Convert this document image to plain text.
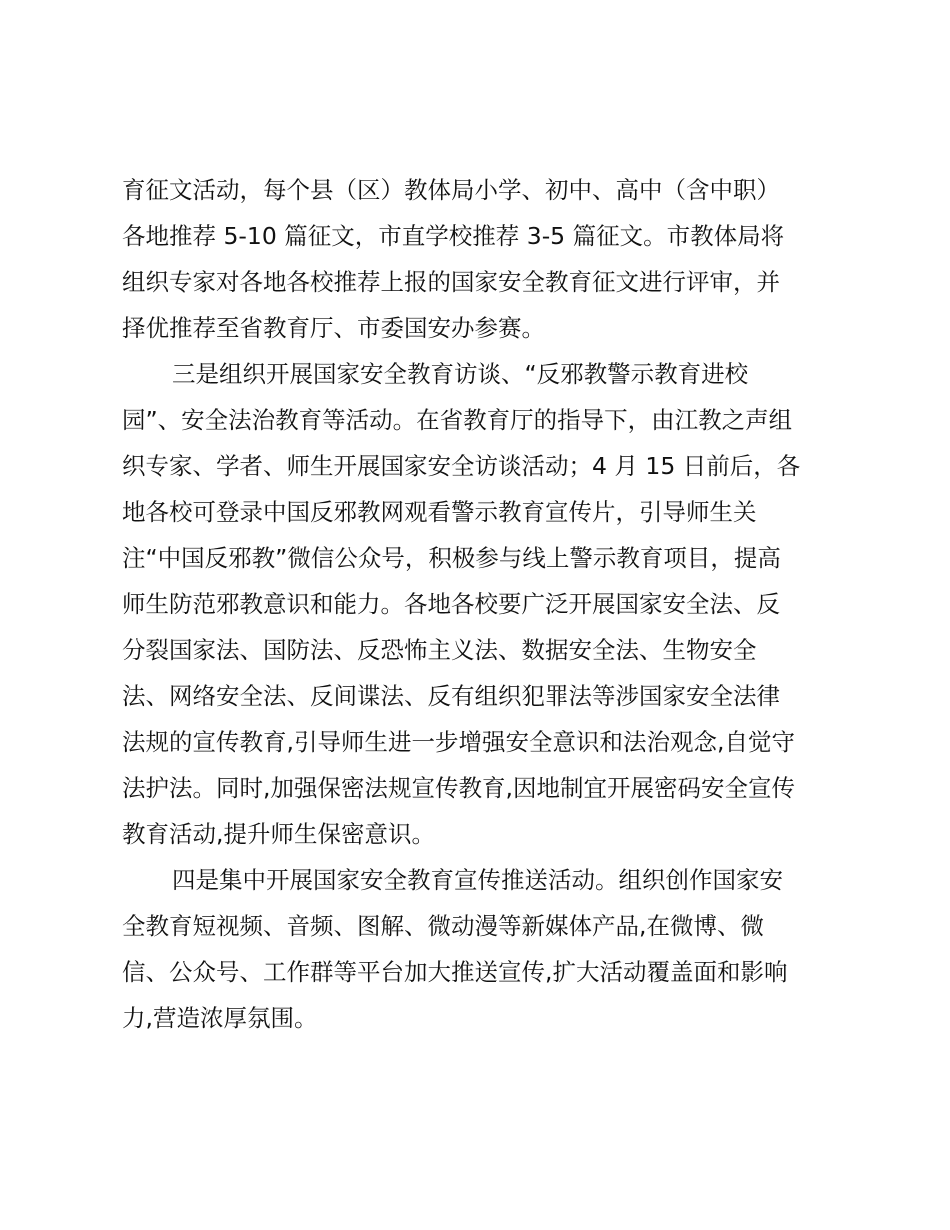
育征文活动，每个县（区）教体局小学、初中、高中（含中职）
各地推荐 5-10 篇征文，市直学校推荐 3-5 篇征文。市教体局将
组织专家对各地各校推荐上报的国家安全教育征文进行评审，并
择优推荐至省教育厅、市委国安办参赛。
三是组织开展国家安全教育访谈、“反邪教警示教育进校
园”、安全法治教育等活动。在省教育厅的指导下，由江教之声组
织专家、学者、师生开展国家安全访谈活动；4 月 15 日前后，各
地各校可登录中国反邪教网观看警示教育宣传片，引导师生关
注“中国反邪教”微信公众号，积极参与线上警示教育项目，提高
师生防范邪教意识和能力。各地各校要广泛开展国家安全法、反
分裂国家法、国防法、反恐怖主义法、数据安全法、生物安全
法、网络安全法、反间谍法、反有组织犯罪法等涉国家安全法律
法规的宣传教育,引导师生进一步增强安全意识和法治观念,自觉守
法护法。同时,加强保密法规宣传教育,因地制宜开展密码安全宣传
教育活动,提升师生保密意识。
四是集中开展国家安全教育宣传推送活动。组织创作国家安
全教育短视频、音频、图解、微动漫等新媒体产品,在微博、微
信、公众号、工作群等平台加大推送宣传,扩大活动覆盖面和影响
力,营造浓厚氛围。
